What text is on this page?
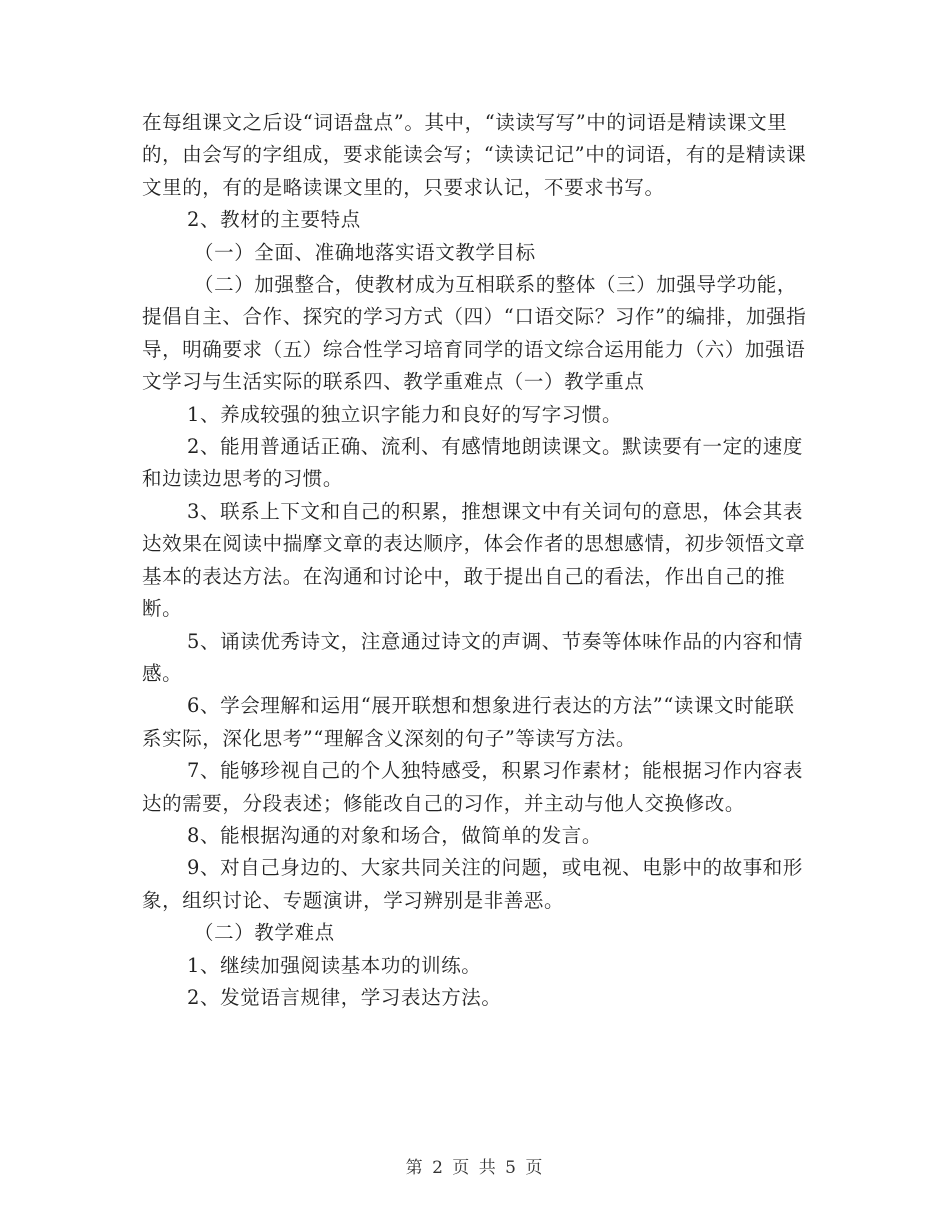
在每组课文之后设“词语盘点”。其中，“读读写写”中的词语是精读课文里的，由会写的字组成，要求能读会写；“读读记记”中的词语，有的是精读课文里的，有的是略读课文里的，只要求认记，不要求书写。

2、教材的主要特点

（一）全面、准确地落实语文教学目标

（二）加强整合，使教材成为互相联系的整体（三）加强导学功能，提倡自主、合作、探究的学习方式（四）“口语交际？习作”的编排，加强指导，明确要求（五）综合性学习培育同学的语文综合运用能力（六）加强语文学习与生活实际的联系四、教学重难点（一）教学重点

1、养成较强的独立识字能力和良好的写字习惯。

2、能用普通话正确、流利、有感情地朗读课文。默读要有一定的速度和边读边思考的习惯。

3、联系上下文和自己的积累，推想课文中有关词句的意思，体会其表达效果在阅读中揣摩文章的表达顺序，体会作者的思想感情，初步领悟文章基本的表达方法。在沟通和讨论中，敢于提出自己的看法，作出自己的推断。

5、诵读优秀诗文，注意通过诗文的声调、节奏等体味作品的内容和情感。

6、学会理解和运用“展开联想和想象进行表达的方法”“读课文时能联系实际，深化思考”“理解含义深刻的句子”等读写方法。

7、能够珍视自己的个人独特感受，积累习作素材；能根据习作内容表达的需要，分段表述；修能改自己的习作，并主动与他人交换修改。

8、能根据沟通的对象和场合，做简单的发言。

9、对自己身边的、大家共同关注的问题，或电视、电影中的故事和形象，组织讨论、专题演讲，学习辨别是非善恶。

（二）教学难点

1、继续加强阅读基本功的训练。

2、发觉语言规律，学习表达方法。

第 2 页 共 5 页
